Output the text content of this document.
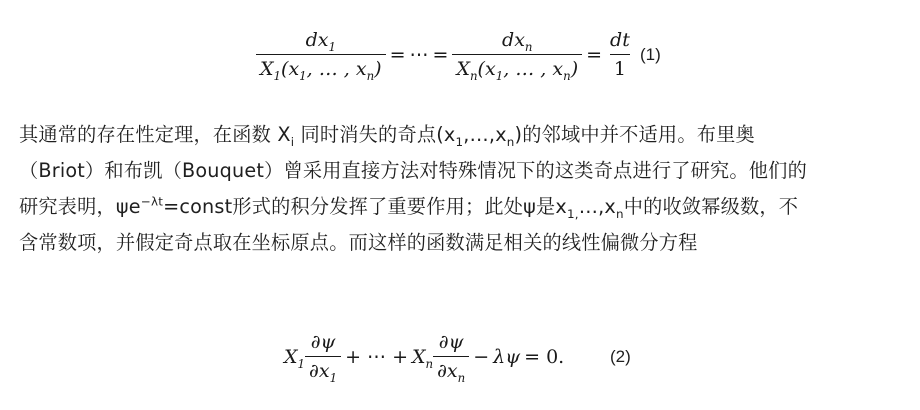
$\frac{dx_1}{X_1(x_1, \dots , x_n)}$ = ⋯ = $\frac{dx_n}{X_n(x_1, \dots , x_n)} = \frac{dt}{1} (1)$
其通常的存在性定理，在函数 $X_i$ 同时消失的奇点$(x_1,\dots,x_n)$的邻域中并不适用。布里奥
（Briot）和布凯（Bouquet）曾采用直接方法对特殊情况下的这类奇点进行了研究。他们的
研究表明，$\psi e^{-\lambda t}=const$形式的积分发挥了重要作用；此处ψ是$x_{1,}\dots,x_n$中的收敛幂级数，不
含常数项，并假定奇点取在坐标原点。而这样的函数满足相关的线性偏微分方程
$X_1 \frac{\partial\psi}{\partial x_1}$ + ⋯ + $X_n \frac{\partial\psi}{\partial x_n} - \lambda\psi = 0$.	(2)
